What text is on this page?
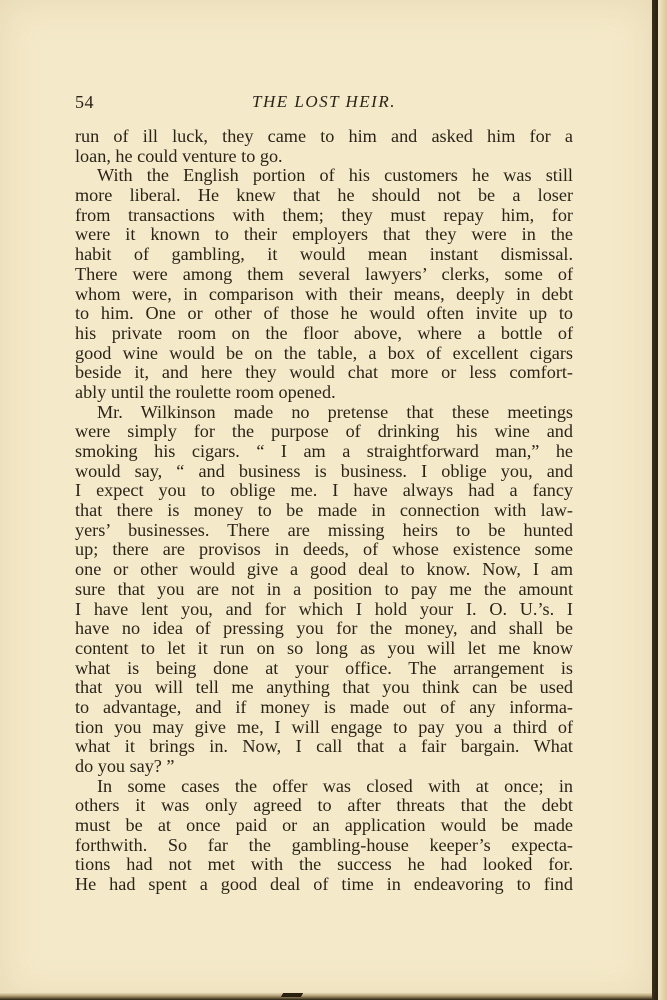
54	THE LOST HEIR.
run of ill luck, they came to him and asked him for a
loan, he could venture to go.
With the English portion of his customers he was still
more liberal. He knew that he should not be a loser
from transactions with them; they must repay him, for
were it known to their employers that they were in the
habit of gambling, it would mean instant dismissal.
There were among them several lawyers’ clerks, some of
whom were, in comparison with their means, deeply in debt
to him. One or other of those he would often invite up to
his private room on the floor above, where a bottle of
good wine would be on the table, a box of excellent cigars
beside it, and here they would chat more or less comfort-
ably until the roulette room opened.
Mr. Wilkinson made no pretense that these meetings
were simply for the purpose of drinking his wine and
smoking his cigars. “ I am a straightforward man,” he
would say, “ and business is business. I oblige you, and
I expect you to oblige me. I have always had a fancy
that there is money to be made in connection with law-
yers’ businesses. There are missing heirs to be hunted
up; there are provisos in deeds, of whose existence some
one or other would give a good deal to know. Now, I am
sure that you are not in a position to pay me the amount
I have lent you, and for which I hold your I. O. U.’s. I
have no idea of pressing you for the money, and shall be
content to let it run on so long as you will let me know
what is being done at your office. The arrangement is
that you will tell me anything that you think can be used
to advantage, and if money is made out of any informa-
tion you may give me, I will engage to pay you a third of
what it brings in. Now, I call that a fair bargain. What
do you say? ”
In some cases the offer was closed with at once; in
others it was only agreed to after threats that the debt
must be at once paid or an application would be made
forthwith. So far the gambling-house keeper’s expecta-
tions had not met with the success he had looked for.
He had spent a good deal of time in endeavoring to find
